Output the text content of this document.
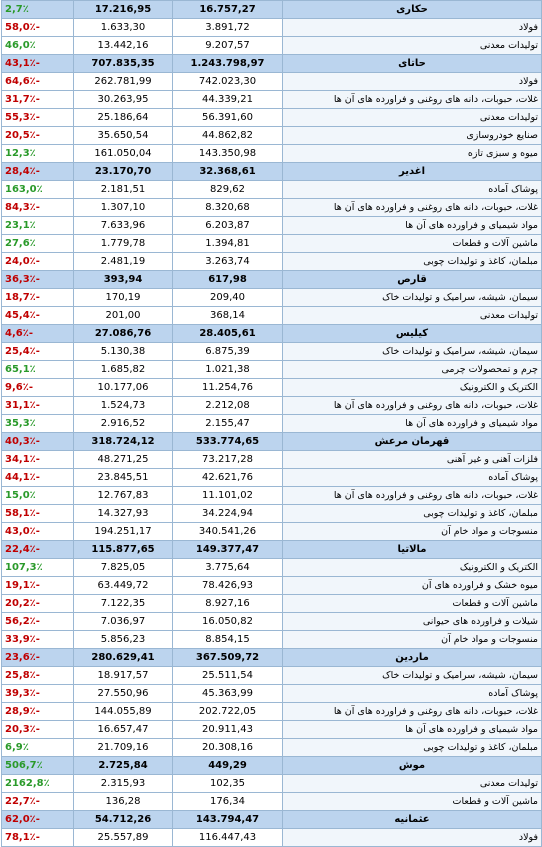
2,7٪	17.216,95	16.757,27	حکاری
58,0٪-	1.633,30	3.891,72	فولاد
46,0٪	13.442,16	9.207,57	تولیدات معدنی
43,1٪-	707.835,35	1.243.798,97	حاتای
64,6٪-	262.781,99	742.023,30	فولاد
31,7٪-	30.263,95	44.339,21	غلات، حبوبات، دانه های روغنی و فراورده های آن ها
55,3٪-	25.186,64	56.391,60	تولیدات معدنی
20,5٪-	35.650,54	44.862,82	صنایع خودروسازی
12,3٪	161.050,04	143.350,98	میوه و سبزی تازه
28,4٪-	23.170,70	32.368,61	اغدیر
163,0٪	2.181,51	829,62	پوشاک آماده
84,3٪-	1.307,10	8.320,68	غلات، حبوبات، دانه های روغنی و فراورده های آن ها
23,1٪	7.633,96	6.203,87	مواد شیمیای و فراورده های آن ها
27,6٪	1.779,78	1.394,81	ماشین آلات و قطعات
24,0٪-	2.481,19	3.263,74	مبلمان، کاغذ و تولیدات چوبی
36,3٪-	393,94	617,98	قارص
18,7٪-	170,19	209,40	سیمان، شیشه، سرامیک و تولیدات خاک
45,4٪-	201,00	368,14	تولیدات معدنی
4,6٪-	27.086,76	28.405,61	کیلیس
25,4٪-	5.130,38	6.875,39	سیمان، شیشه، سرامیک و تولیدات خاک
65,1٪	1.685,82	1.021,38	چرم و تمحصولات چرمی
9,6٪-	10.177,06	11.254,76	الکتریک و الکترونیک
31,1٪-	1.524,73	2.212,08	غلات، حبوبات، دانه های روغنی و فراورده های آن ها
35,3٪	2.916,52	2.155,47	مواد شیمیای و فراورده های آن ها
40,3٪-	318.724,12	533.774,65	قهرمان مرعش
34,1٪-	48.271,25	73.217,28	فلزات آهنی و غیر آهنی
44,1٪-	23.845,51	42.621,76	پوشاک آماده
15,0٪	12.767,83	11.101,02	غلات، حبوبات، دانه های روغنی و فراورده های آن ها
58,1٪-	14.327,93	34.224,94	مبلمان، کاغذ و تولیدات چوبی
43,0٪-	194.251,17	340.541,26	منسوجات و مواد خام آن
22,4٪-	115.877,65	149.377,47	مالاتیا
107,3٪	7.825,05	3.775,64	الکتریک و الکترونیک
19,1٪-	63.449,72	78.426,93	میوه خشک و فراورده های آن
20,2٪-	7.122,35	8.927,16	ماشین آلات و قطعات
56,2٪-	7.036,97	16.050,82	شیلات و فراورده های حیوانی
33,9٪-	5.856,23	8.854,15	منسوجات و مواد خام آن
23,6٪-	280.629,41	367.509,72	ماردین
25,8٪-	18.917,57	25.511,54	سیمان، شیشه، سرامیک و تولیدات خاک
39,3٪-	27.550,96	45.363,99	پوشاک آماده
28,9٪-	144.055,89	202.722,05	غلات، حبوبات، دانه های روغنی و فراورده های آن ها
20,3٪-	16.657,47	20.911,43	مواد شیمیای و فراورده های آن ها
6,9٪	21.709,16	20.308,16	مبلمان، کاغذ و تولیدات چوبی
506,7٪	2.725,84	449,29	موش
2162,8٪	2.315,93	102,35	تولیدات معدنی
22,7٪-	136,28	176,34	ماشین آلات و قطعات
62,0٪-	54.712,26	143.794,47	عثمانیه
78,1٪-	25.557,89	116.447,43	فولاد
